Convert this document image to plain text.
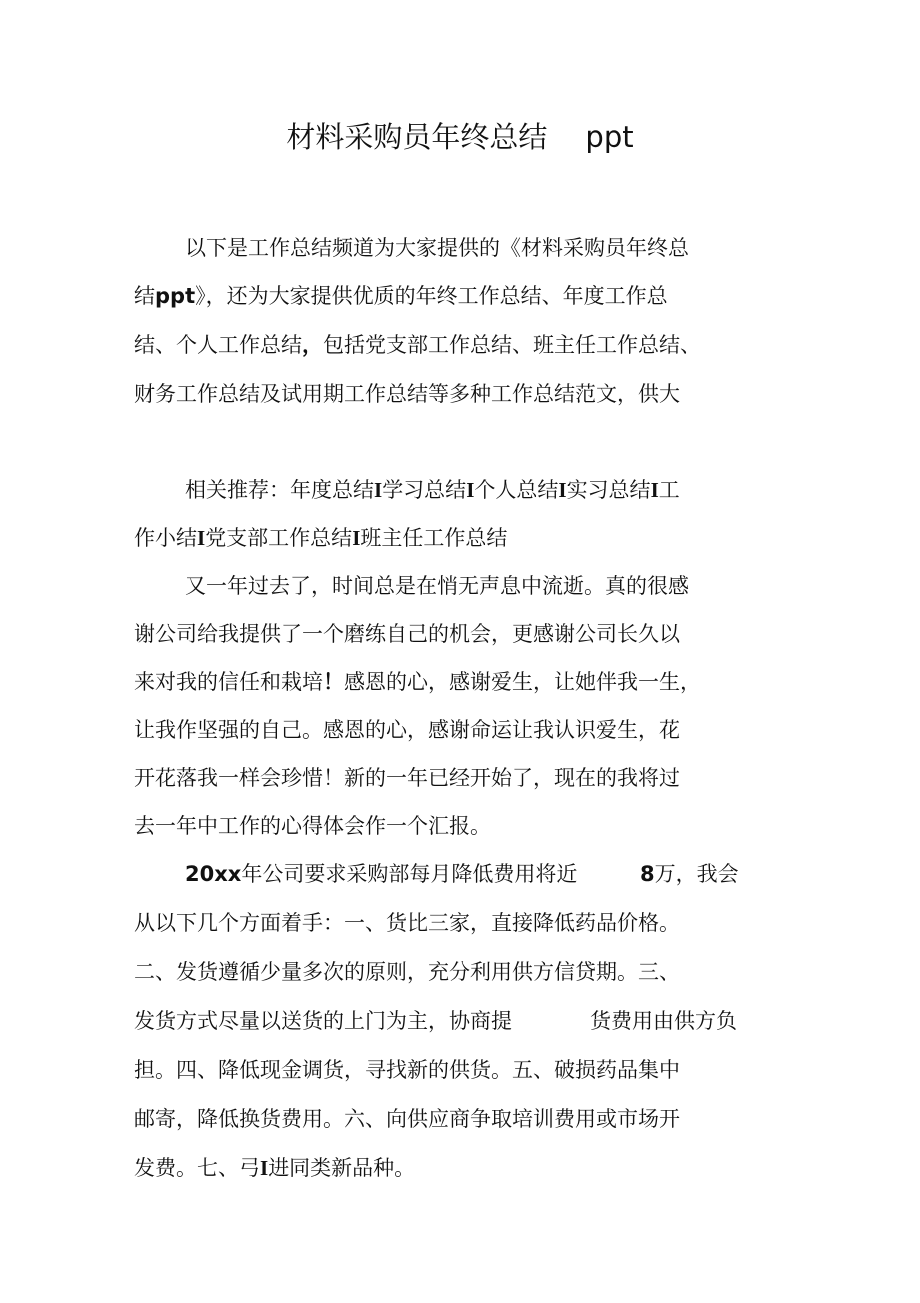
材料采购员年终总结 ppt
以下是工作总结频道为大家提供的《材料采购员年终总
结ppt》，还为大家提供优质的年终工作总结、年度工作总
结、个人工作总结，包括党支部工作总结、班主任工作总结、
财务工作总结及试用期工作总结等多种工作总结范文，供大
相关推荐：年度总结I学习总结I个人总结I实习总结I工
作小结I党支部工作总结I班主任工作总结
又一年过去了，时间总是在悄无声息中流逝。真的很感
谢公司给我提供了一个磨练自己的机会，更感谢公司长久以
来对我的信任和栽培！感恩的心，感谢爱生，让她伴我一生，
让我作坚强的自己。感恩的心，感谢命运让我认识爱生，花
开花落我一样会珍惜！新的一年已经开始了，现在的我将过
去一年中工作的心得体会作一个汇报。
20xx年公司要求采购部每月降低费用将近	8万，我会
从以下几个方面着手：一、货比三家，直接降低药品价格。
二、发货遵循少量多次的原则，充分利用供方信贷期。三、
发货方式尽量以送货的上门为主，协商提	货费用由供方负
担。四、降低现金调货，寻找新的供货。五、破损药品集中
邮寄，降低换货费用。六、向供应商争取培训费用或市场开
发费。七、弓I进同类新品种。
